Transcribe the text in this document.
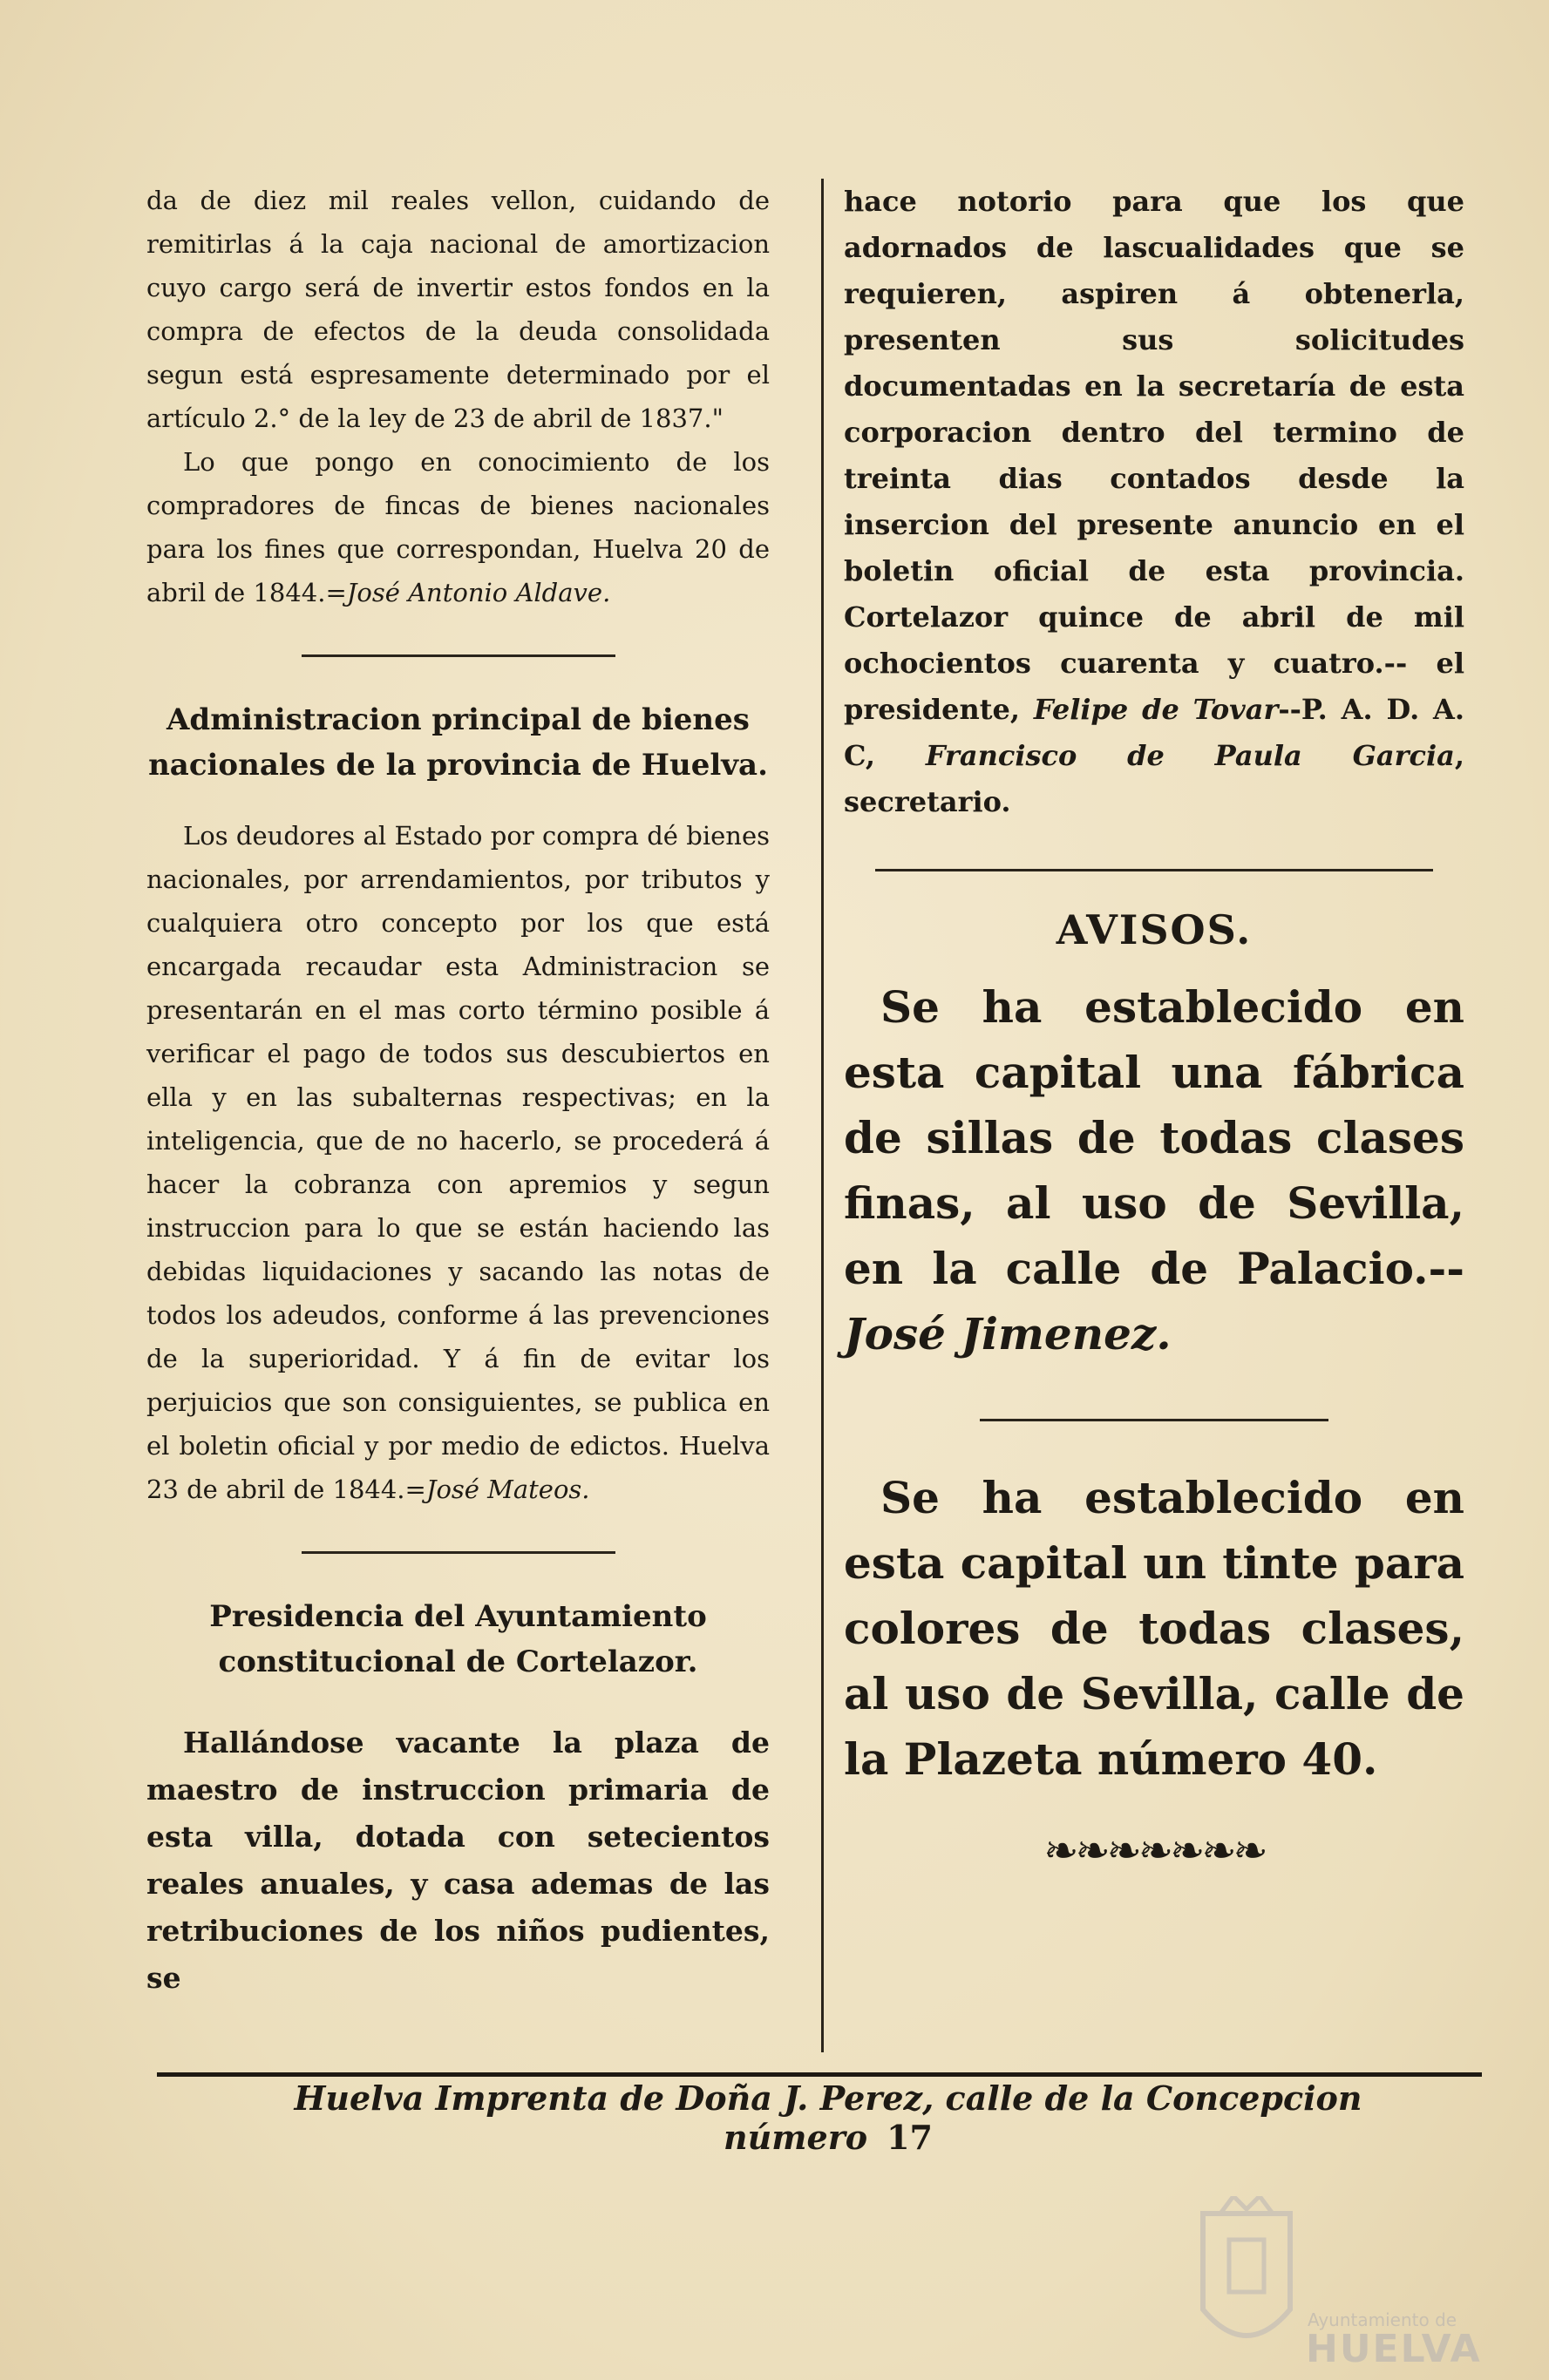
da de diez mil reales vellon, cuidando de remitirlas á la caja nacional de amortizacion cuyo cargo será de invertir estos fondos en la compra de efectos de la deuda consolidada segun está espresamente determinado por el artículo 2.° de la ley de 23 de abril de 1837."

Lo que pongo en conocimiento de los compradores de fincas de bienes nacionales para los fines que correspondan, Huelva 20 de abril de 1844.=José Antonio Aldave.

Administracion principal de bienes nacionales de la provincia de Huelva.

Los deudores al Estado por compra dé bienes nacionales, por arrendamientos, por tributos y cualquiera otro concepto por los que está encargada recaudar esta Administracion se presentarán en el mas corto término posible á verificar el pago de todos sus descubiertos en ella y en las subalternas respectivas; en la inteligencia, que de no hacerlo, se procederá á hacer la cobranza con apremios y segun instruccion para lo que se están haciendo las debidas liquidaciones y sacando las notas de todos los adeudos, conforme á las prevenciones de la superioridad. Y á fin de evitar los perjuicios que son consiguientes, se publica en el boletin oficial y por medio de edictos. Huelva 23 de abril de 1844.=José Mateos.

Presidencia del Ayuntamiento constitucional de Cortelazor.

Hallándose vacante la plaza de maestro de instruccion primaria de esta villa, dotada con setecientos reales anuales, y casa ademas de las retribuciones de los niños pudientes, se

hace notorio para que los que adornados de lascualidades que se requieren, aspiren á obtenerla, presenten sus solicitudes documentadas en la secretaría de esta corporacion dentro del termino de treinta dias contados desde la insercion del presente anuncio en el boletin oficial de esta provincia. Cortelazor quince de abril de mil ochocientos cuarenta y cuatro.-- el presidente, Felipe de Tovar--P. A. D. A. C, Francisco de Paula Garcia, secretario.

AVISOS.

Se ha establecido en esta capital una fábrica de sillas de todas clases finas, al uso de Sevilla, en la calle de Palacio.--José Jimenez.

Se ha establecido en esta capital un tinte para colores de todas clases, al uso de Sevilla, calle de la Plazeta número 40.

❧❧❧❧❧❧❧
Huelva Imprenta de Doña J. Perez, calle de la Concepcion número 17
Ayuntamiento de
HUELVA
